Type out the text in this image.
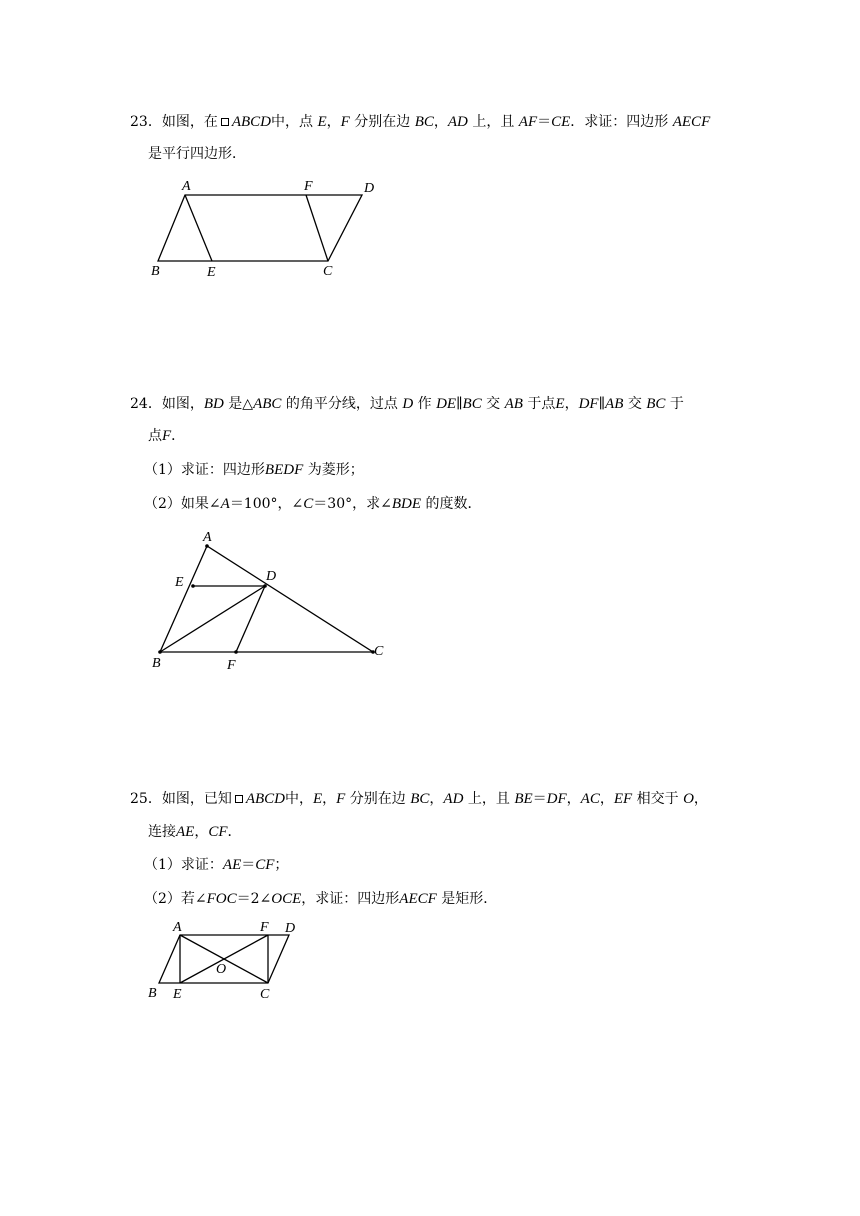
23．如图，在 ABCD中，点 E，F 分别在边 BC，AD 上，且 AF＝CE．求证：四边形 AECF
是平行四边形．
A	F	D
B	E	C
24．如图，BD 是△ABC 的角平分线，过点 D 作 DE∥BC 交 AB 于点E，DF∥AB 交 BC 于
点F．
（1）求证：四边形BEDF 为菱形；
（2）如果∠A＝100°，∠C＝30°，求∠BDE 的度数．
A
E	D
B	F
C
25．如图，已知 ABCD中，E，F 分别在边 BC，AD 上，且 BE＝DF，AC，EF 相交于 O，
连接AE，CF．
（1）求证：AE＝CF；
（2）若∠FOC＝2∠OCE，求证：四边形AECF 是矩形．
A	F D
O
B E	C
